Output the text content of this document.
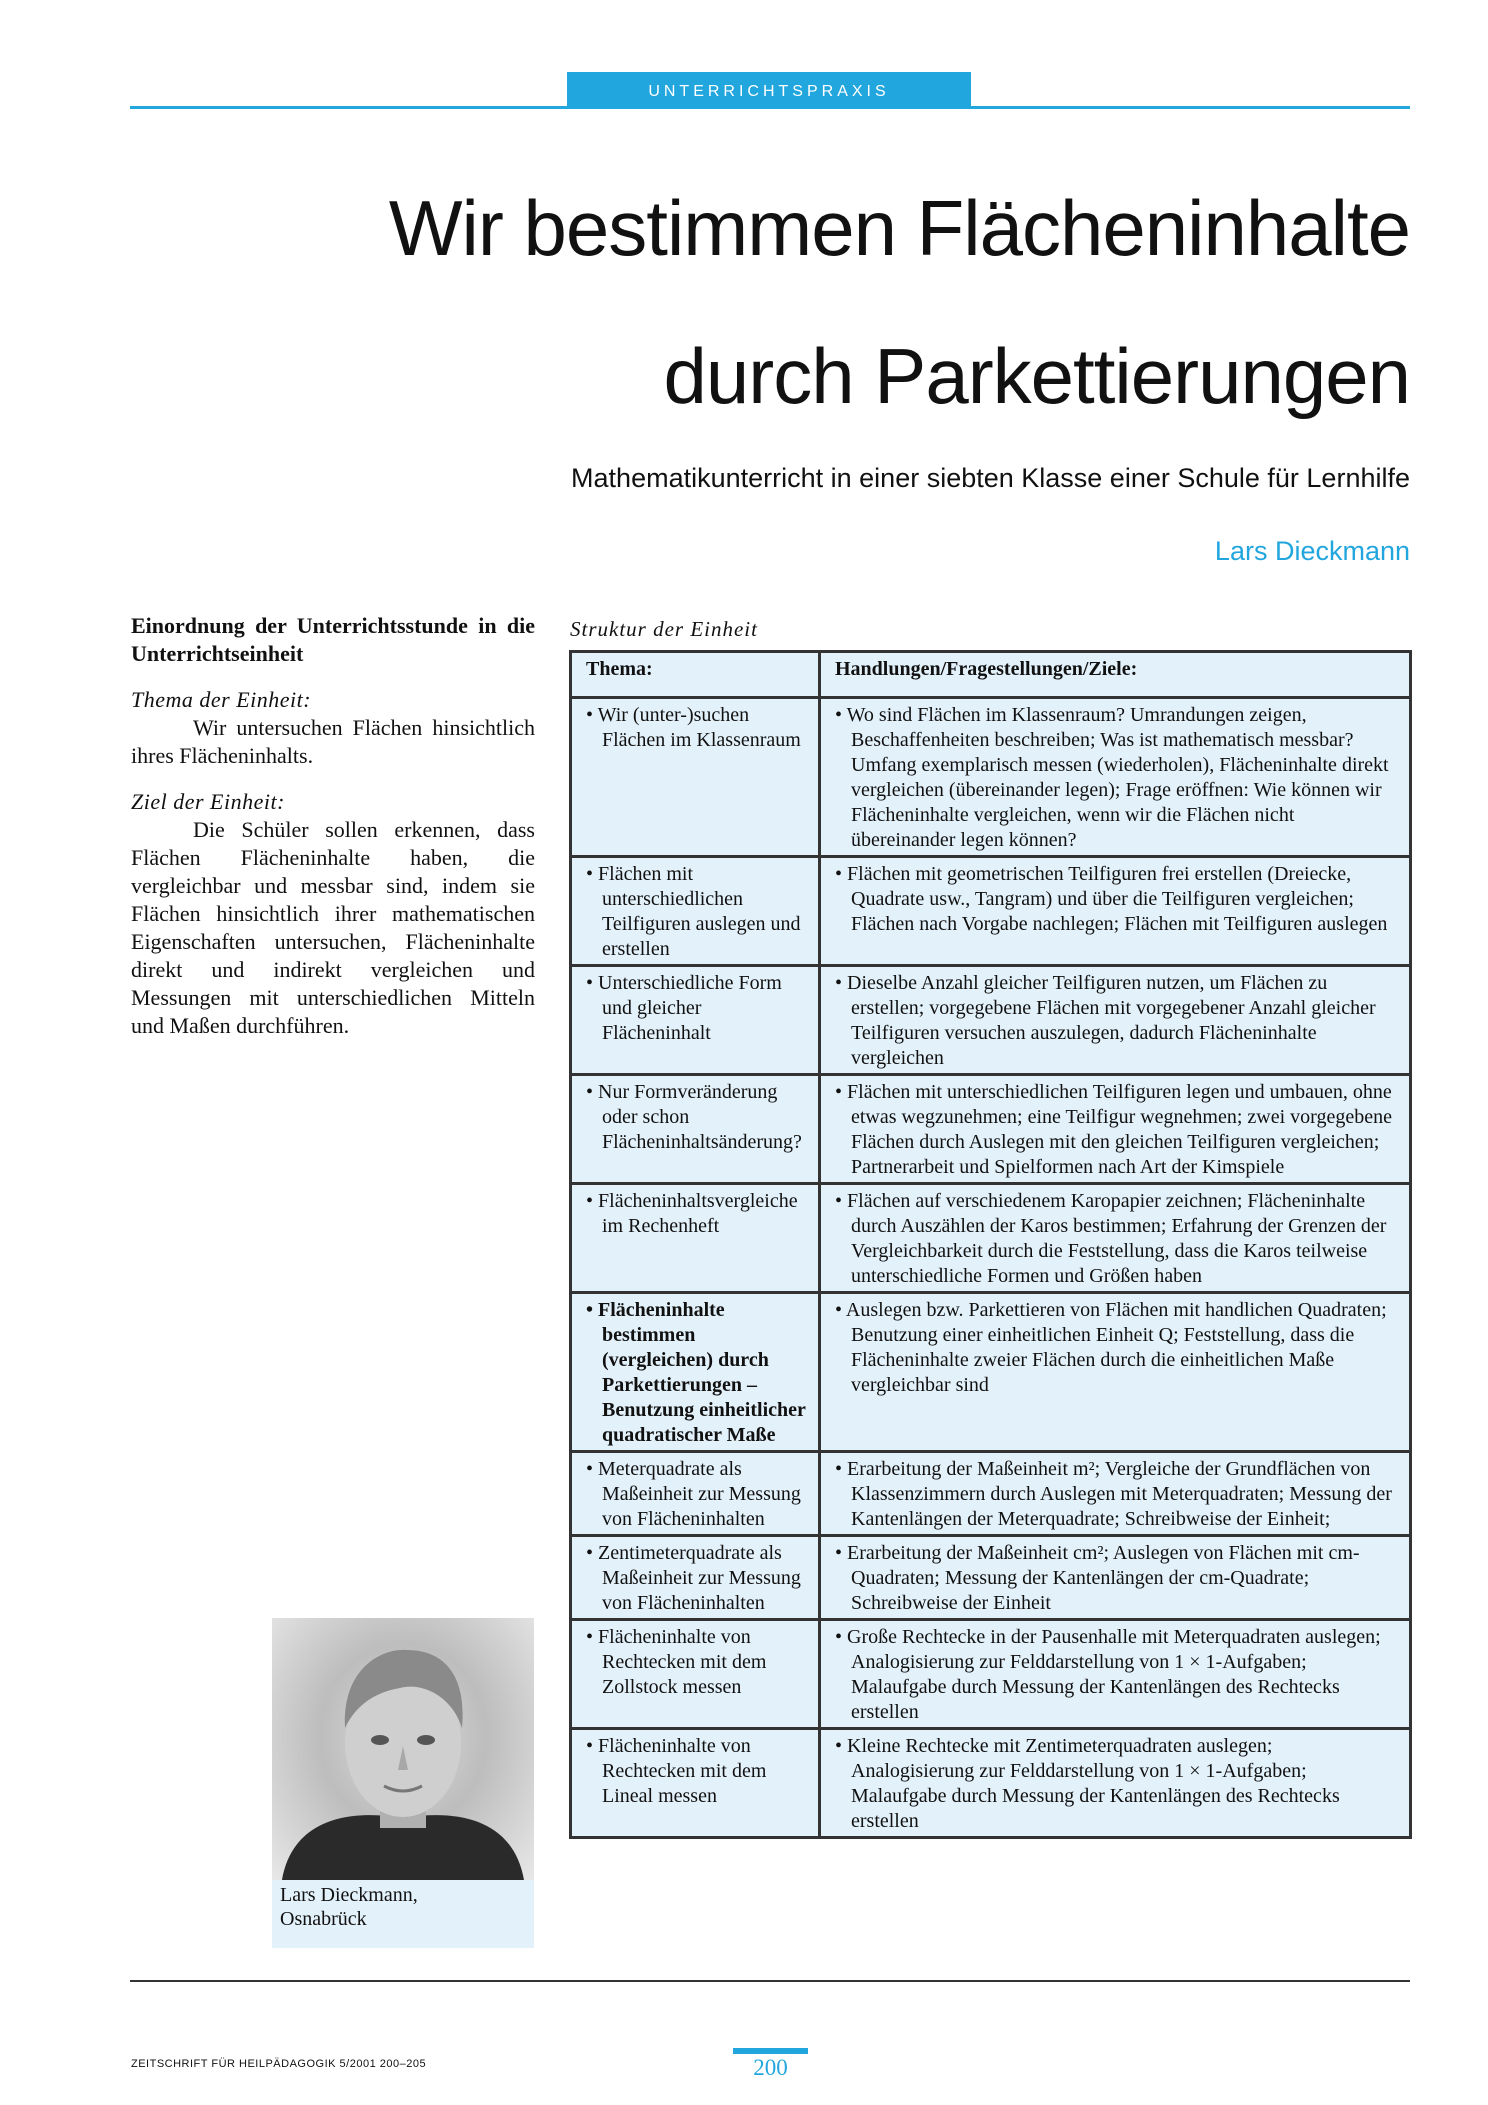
UNTERRICHTSPRAXIS
Wir bestimmen Flächeninhalte
durch Parkettierungen
Mathematikunterricht in einer siebten Klasse einer Schule für Lernhilfe
Lars Dieckmann
Einordnung der Unterrichtsstunde in die Unterrichtseinheit
Thema der Einheit:

Wir untersuchen Flächen hinsichtlich ihres Flächeninhalts.

Ziel der Einheit:

Die Schüler sollen erkennen, dass Flächen Flächeninhalte haben, die vergleichbar und messbar sind, indem sie Flächen hinsichtlich ihrer mathematischen Eigenschaften untersuchen, Flächeninhalte direkt und indirekt vergleichen und Messungen mit unterschiedlichen Mitteln und Maßen durchführen.

Lars Dieckmann,
Osnabrück
Struktur der Einheit
Thema:	Handlungen/Fragestellungen/Ziele:

• Wir (unter-)suchen Flächen im Klassenraum	• Wo sind Flächen im Klassenraum? Umrandungen zeigen, Beschaffenheiten beschreiben; Was ist mathematisch messbar? Umfang exemplarisch messen (wiederholen), Flächeninhalte direkt vergleichen (übereinander legen); Frage eröffnen: Wie können wir Flächeninhalte vergleichen, wenn wir die Flächen nicht übereinander legen können?

• Flächen mit unterschiedlichen Teilfiguren auslegen und erstellen	• Flächen mit geometrischen Teilfiguren frei erstellen (Dreiecke, Quadrate usw., Tangram) und über die Teilfiguren vergleichen; Flächen nach Vorgabe nachlegen; Flächen mit Teilfiguren auslegen

• Unterschiedliche Form und gleicher Flächeninhalt	• Dieselbe Anzahl gleicher Teilfiguren nutzen, um Flächen zu erstellen; vorgegebene Flächen mit vorgegebener Anzahl gleicher Teilfiguren versuchen auszulegen, dadurch Flächeninhalte vergleichen

• Nur Formveränderung oder schon Flächeninhaltsänderung?	• Flächen mit unterschiedlichen Teilfiguren legen und umbauen, ohne etwas wegzunehmen; eine Teilfigur wegnehmen; zwei vorgegebene Flächen durch Auslegen mit den gleichen Teilfiguren vergleichen; Partnerarbeit und Spielformen nach Art der Kimspiele

• Flächeninhaltsvergleiche im Rechenheft	• Flächen auf verschiedenem Karopapier zeichnen; Flächeninhalte durch Auszählen der Karos bestimmen; Erfahrung der Grenzen der Vergleichbarkeit durch die Feststellung, dass die Karos teilweise unterschiedliche Formen und Größen haben

• Flächeninhalte bestimmen (vergleichen) durch Parkettierungen – Benutzung einheitlicher quadratischer Maße	• Auslegen bzw. Parkettieren von Flächen mit handlichen Quadraten; Benutzung einer einheitlichen Einheit Q; Feststellung, dass die Flächeninhalte zweier Flächen durch die einheitlichen Maße vergleichbar sind

• Meterquadrate als Maßeinheit zur Messung von Flächeninhalten	• Erarbeitung der Maßeinheit m²; Vergleiche der Grundflächen von Klassenzimmern durch Auslegen mit Meterquadraten; Messung der Kantenlängen der Meterquadrate; Schreibweise der Einheit;

• Zentimeterquadrate als Maßeinheit zur Messung von Flächeninhalten	• Erarbeitung der Maßeinheit cm²; Auslegen von Flächen mit cm-Quadraten; Messung der Kantenlängen der cm-Quadrate; Schreibweise der Einheit

• Flächeninhalte von Rechtecken mit dem Zollstock messen	• Große Rechtecke in der Pausenhalle mit Meterquadraten auslegen; Analogisierung zur Felddarstellung von 1 × 1-Aufgaben; Malaufgabe durch Messung der Kantenlängen des Rechtecks erstellen

• Flächeninhalte von Rechtecken mit dem Lineal messen	• Kleine Rechtecke mit Zentimeterquadraten auslegen; Analogisierung zur Felddarstellung von 1 × 1-Aufgaben; Malaufgabe durch Messung der Kantenlängen des Rechtecks erstellen
ZEITSCHRIFT FÜR HEILPÄDAGOGIK 5/2001 200–205	200
